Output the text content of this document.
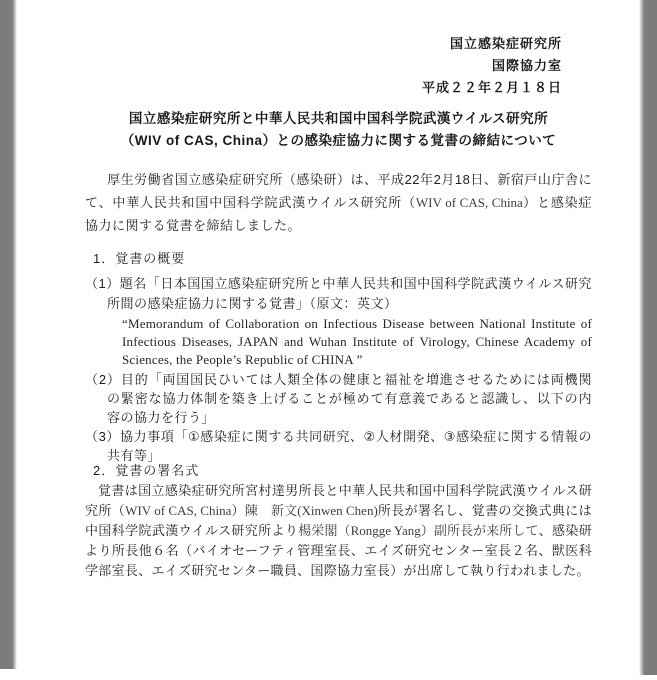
国立感染症研究所
国際協力室
平成２２年２月１８日
国立感染症研究所と中華人民共和国中国科学院武漢ウイルス研究所
（WIV of CAS, China）との感染症協力に関する覚書の締結について
厚生労働省国立感染症研究所（感染研）は、平成22年2月18日、新宿戸山庁舎にて、中華人民共和国中国科学院武漢ウイルス研究所（WIV of CAS, China）と感染症協力に関する覚書を締結しました。
1．覚書の概要
（1）題名「日本国国立感染症研究所と中華人民共和国中国科学院武漢ウイルス研究所間の感染症協力に関する覚書」（原文：英文）
“Memorandum of Collaboration on Infectious Disease between National Institute of Infectious Diseases, JAPAN and Wuhan Institute of Virology, Chinese Academy of Sciences, the People’s Republic of CHINA ”
（2）目的「両国国民ひいては人類全体の健康と福祉を増進させるためには両機関の緊密な協力体制を築き上げることが極めて有意義であると認識し、以下の内容の協力を行う」
（3）協力事項「①感染症に関する共同研究、②人材開発、③感染症に関する情報の共有等」
2．覚書の署名式
覚書は国立感染症研究所宮村達男所長と中華人民共和国中国科学院武漢ウイルス研究所（WIV of CAS, China）陳　新文(Xinwen Chen)所長が署名し、覚書の交換式典には中国科学院武漢ウイルス研究所より楊栄閣（Rongge Yang）副所長が来所して、感染研より所長他６名（バイオセーフティ管理室長、エイズ研究センター室長２名、獣医科学部室長、エイズ研究センター職員、国際協力室長）が出席して執り行われました。
